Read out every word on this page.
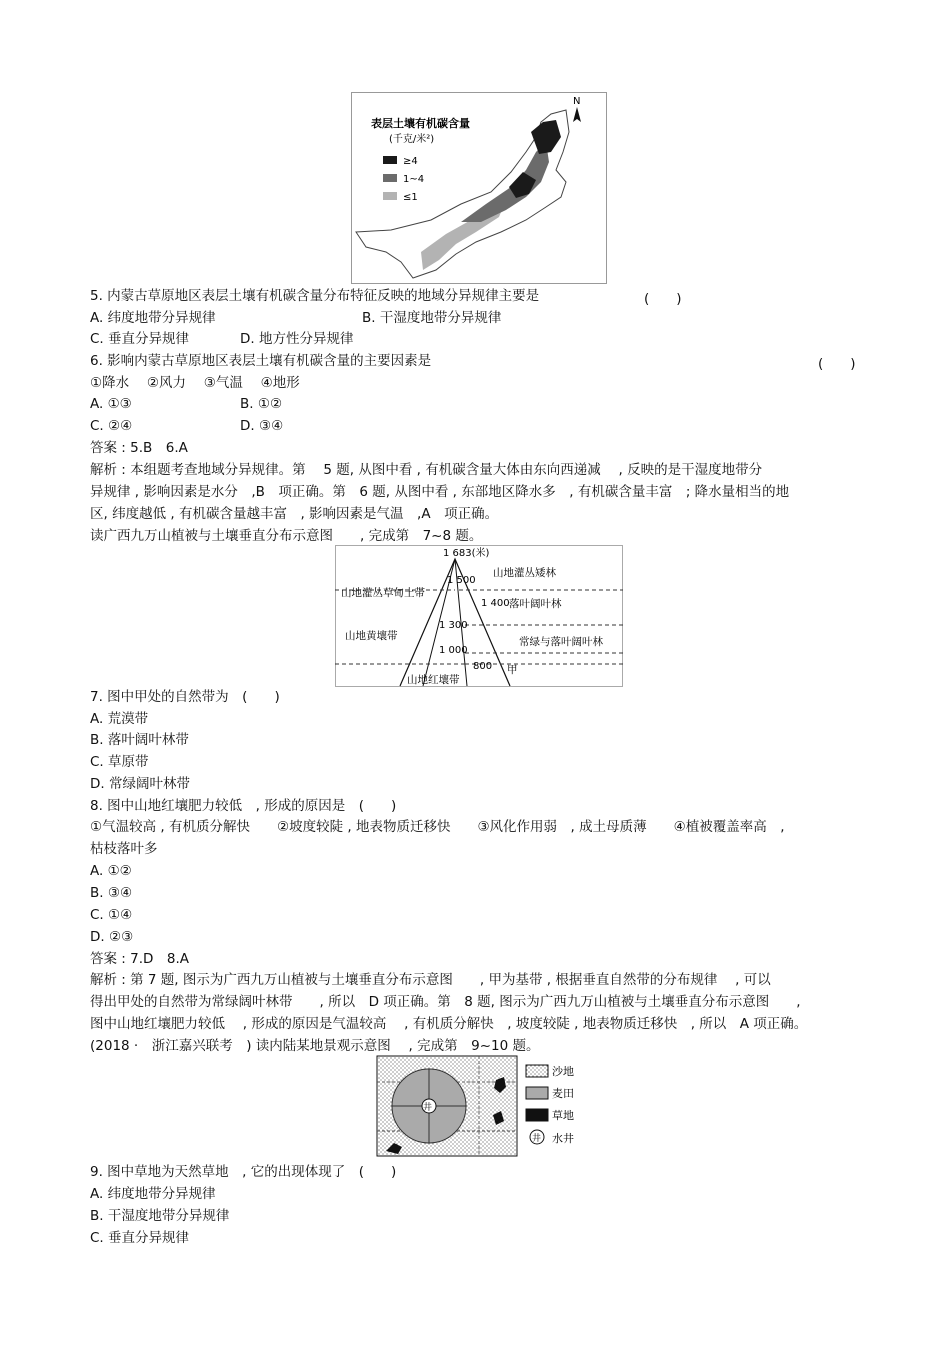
表层土壤有机碳含量
(千克/米²)
N
≥4
1~4
≤1
5. 内蒙古草原地区表层土壤有机碳含量分布特征反映的地域分异规律主要是	(　　)
A. 纬度地带分异规律	B. 干湿度地带分异规律
C. 垂直分异规律	D. 地方性分异规律
6. 影响内蒙古草原地区表层土壤有机碳含量的主要因素是	(　　)
①降水　 ②风力　 ③气温　 ④地形
A. ①③	B. ①②
C. ②④	D. ③④
答案 : 5.B　6.A
解析 : 本组题考查地域分异规律。第　 5 题, 从图中看 , 有机碳含量大体由东向西递减　 , 反映的是干湿度地带分
异规律 , 影响因素是水分　,B　项正确。第　6 题, 从图中看 , 东部地区降水多　, 有机碳含量丰富　; 降水量相当的地
区, 纬度越低 , 有机碳含量越丰富　, 影响因素是气温　,A　项正确。
读广西九万山植被与土壤垂直分布示意图　　, 完成第　7~8 题。
1 683(米)
1 500
1 400
1 300
1 000
800
山地灌丛草甸土带
山地黄壤带
山地红壤带
山地灌丛矮林
落叶阔叶林
常绿与落叶阔叶林
甲
7. 图中甲处的自然带为　(　　)
A. 荒漠带
B. 落叶阔叶林带
C. 草原带
D. 常绿阔叶林带
8. 图中山地红壤肥力较低　, 形成的原因是　(　　)
①气温较高 , 有机质分解快　　②坡度较陡 , 地表物质迁移快　　③风化作用弱　, 成土母质薄　　④植被覆盖率高　,
枯枝落叶多
A. ①②
B. ③④
C. ①④
D. ②③
答案 : 7.D　8.A
解析 : 第 7 题, 图示为广西九万山植被与土壤垂直分布示意图　　, 甲为基带 , 根据垂直自然带的分布规律　 , 可以
得出甲处的自然带为常绿阔叶林带　　, 所以　D 项正确。第　8 题, 图示为广西九万山植被与土壤垂直分布示意图　　,
图中山地红壤肥力较低　 , 形成的原因是气温较高　 , 有机质分解快　, 坡度较陡 , 地表物质迁移快　, 所以　A 项正确。
(2018 ·　浙江嘉兴联考　) 读内陆某地景观示意图　 , 完成第　9~10 题。
井
沙地
麦田
草地
井 水井
9. 图中草地为天然草地　, 它的出现体现了　(　　)
A. 纬度地带分异规律
B. 干湿度地带分异规律
C. 垂直分异规律
